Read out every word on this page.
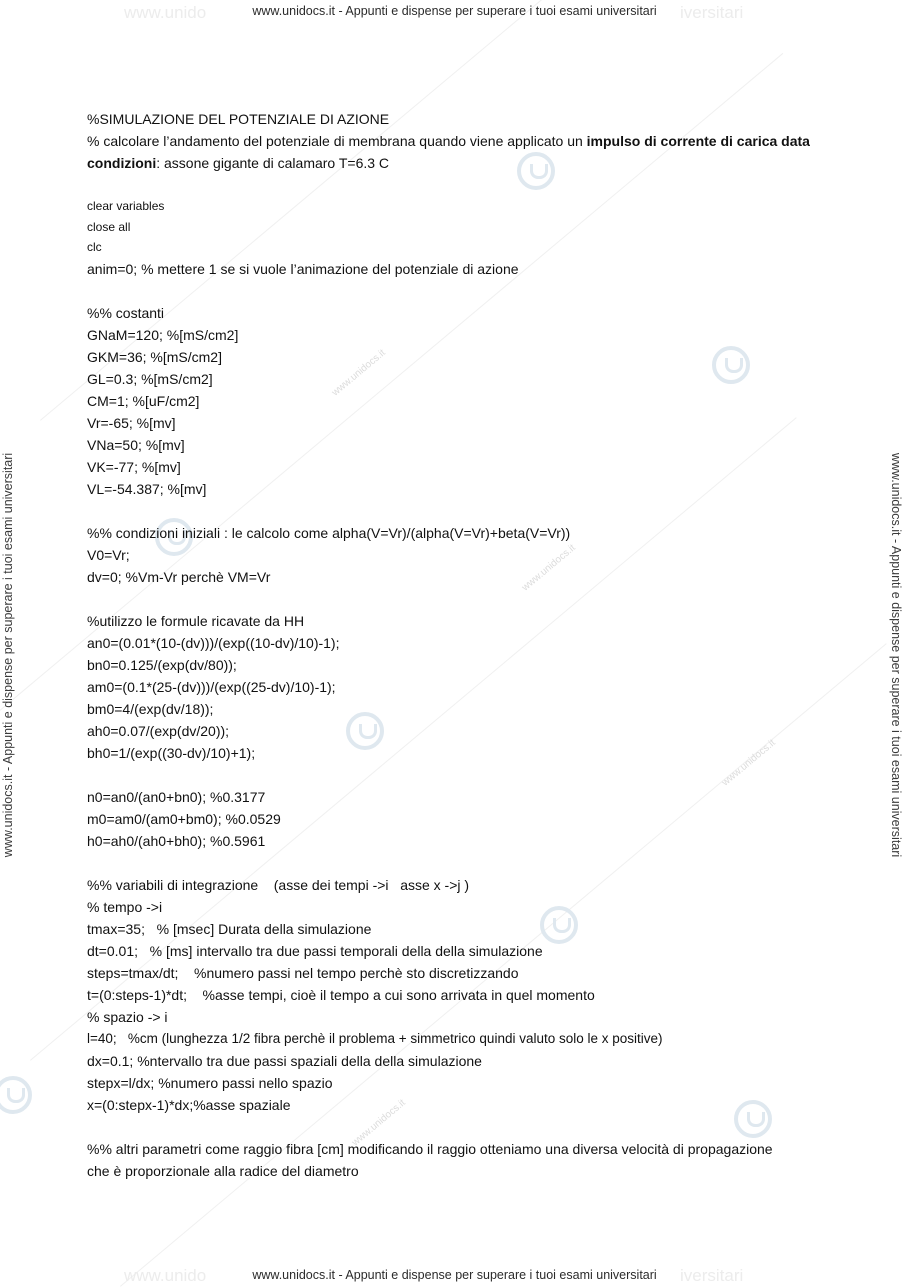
www.unidocs.it
www.unidocs.it
www.unidocs.it
www.unidocs.it
www.unido	iversitari
www.unidocs.it - Appunti e dispense per superare i tuoi esami universitari
www.unido	iversitari
www.unidocs.it - Appunti e dispense per superare i tuoi esami universitari
www.unidocs.it - Appunti e dispense per superare i tuoi esami universitari	www.unidocs.it - Appunti e dispense per superare i tuoi esami universitari
%SIMULAZIONE DEL POTENZIALE DI AZIONE
% calcolare l’andamento del potenziale di membrana quando viene applicato un impulso di corrente di carica data condizioni: assone gigante di calamaro T=6.3 C
clear variables
close all
clc
anim=0; % mettere 1 se si vuole l’animazione del potenziale di azione
%% costanti
GNaM=120; %[mS/cm2]
GKM=36; %[mS/cm2]
GL=0.3; %[mS/cm2]
CM=1; %[uF/cm2]
Vr=-65; %[mv]
VNa=50; %[mv]
VK=-77; %[mv]
VL=-54.387; %[mv]
%% condizioni iniziali : le calcolo come alpha(V=Vr)/(alpha(V=Vr)+beta(V=Vr))
V0=Vr;
dv=0; %Vm-Vr perchè VM=Vr
%utilizzo le formule ricavate da HH
an0=(0.01*(10-(dv)))/(exp((10-dv)/10)-1);
bn0=0.125/(exp(dv/80));
am0=(0.1*(25-(dv)))/(exp((25-dv)/10)-1);
bm0=4/(exp(dv/18));
ah0=0.07/(exp(dv/20));
bh0=1/(exp((30-dv)/10)+1);
n0=an0/(an0+bn0); %0.3177
m0=am0/(am0+bm0); %0.0529
h0=ah0/(ah0+bh0); %0.5961
%% variabili di integrazione    (asse dei tempi ->i   asse x ->j )
% tempo ->i
tmax=35;   % [msec] Durata della simulazione
dt=0.01;   % [ms] intervallo tra due passi temporali della della simulazione
steps=tmax/dt;    %numero passi nel tempo perchè sto discretizzando
t=(0:steps-1)*dt;    %asse tempi, cioè il tempo a cui sono arrivata in quel momento
% spazio -> i
l=40;   %cm (lunghezza 1/2 fibra perchè il problema + simmetrico quindi valuto solo le x positive)
dx=0.1; %ntervallo tra due passi spaziali della della simulazione
stepx=l/dx; %numero passi nello spazio
x=(0:stepx-1)*dx;%asse spaziale
%% altri parametri come raggio fibra [cm] modificando il raggio otteniamo una diversa velocità di propagazione che è proporzionale alla radice del diametro
